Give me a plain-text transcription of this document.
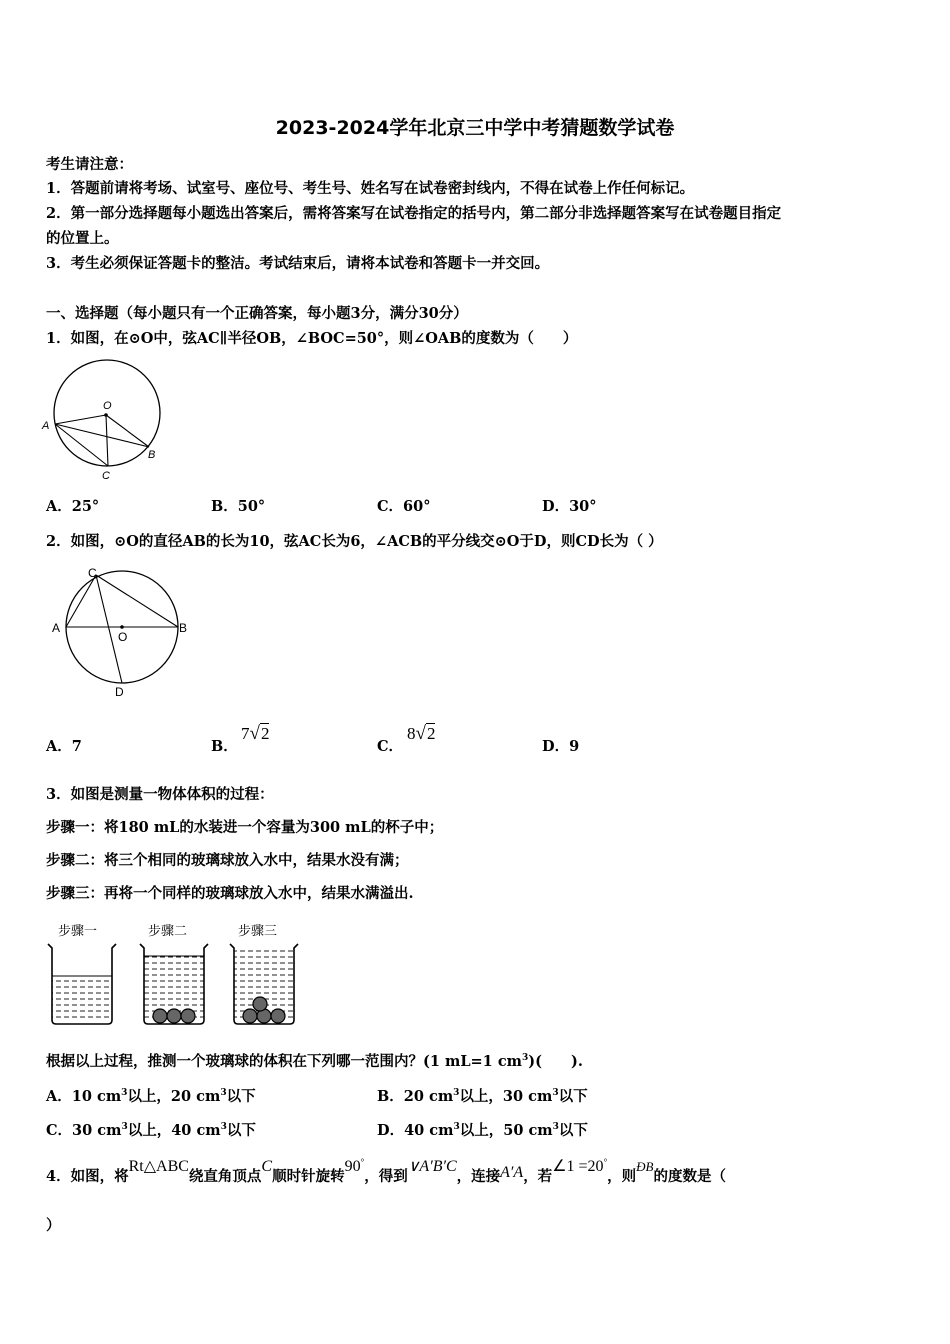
2023-2024学年北京三中学中考猜题数学试卷
考生请注意：
1．答题前请将考场、试室号、座位号、考生号、姓名写在试卷密封线内，不得在试卷上作任何标记。
2．第一部分选择题每小题选出答案后，需将答案写在试卷指定的括号内，第二部分非选择题答案写在试卷题目指定
的位置上。
3．考生必须保证答题卡的整洁。考试结束后，请将本试卷和答题卡一并交回。
一、选择题（每小题只有一个正确答案，每小题3分，满分30分）
1．如图，在⊙O中，弦AC∥半径OB，∠BOC=50°，则∠OAB的度数为（　　）
O
A
B
C
A．25°	B．50°	C．60°	D．30°
2．如图，⊙O的直径AB的长为10，弦AC长为6，∠ACB的平分线交⊙O于D，则CD长为（ ）
A	B
C
D
O
A．7	B．
7√2
C．
8√2
D．9
3．如图是测量一物体体积的过程：
步骤一：将180 mL的水装进一个容量为300 mL的杯子中；
步骤二：将三个相同的玻璃球放入水中，结果水没有满；
步骤三：再将一个同样的玻璃球放入水中，结果水满溢出.
步骤一	步骤二	步骤三
根据以上过程，推测一个玻璃球的体积在下列哪一范围内？(1 mL=1 $cm^3$)(　　).
A．10 $cm^3$以上，20 $cm^3$以下	B．20 $cm^3$以上，30 $cm^3$以下
C．30 $cm^3$以上，40 $cm^3$以下	D．40 $cm^3$以上，50 $cm^3$以下
4．如图，将Rt△ABC绕直角顶点C顺时针旋转90°，得到∨A′B′C，连接A′A，若∠1 =20°，则ÐB的度数是（
）
